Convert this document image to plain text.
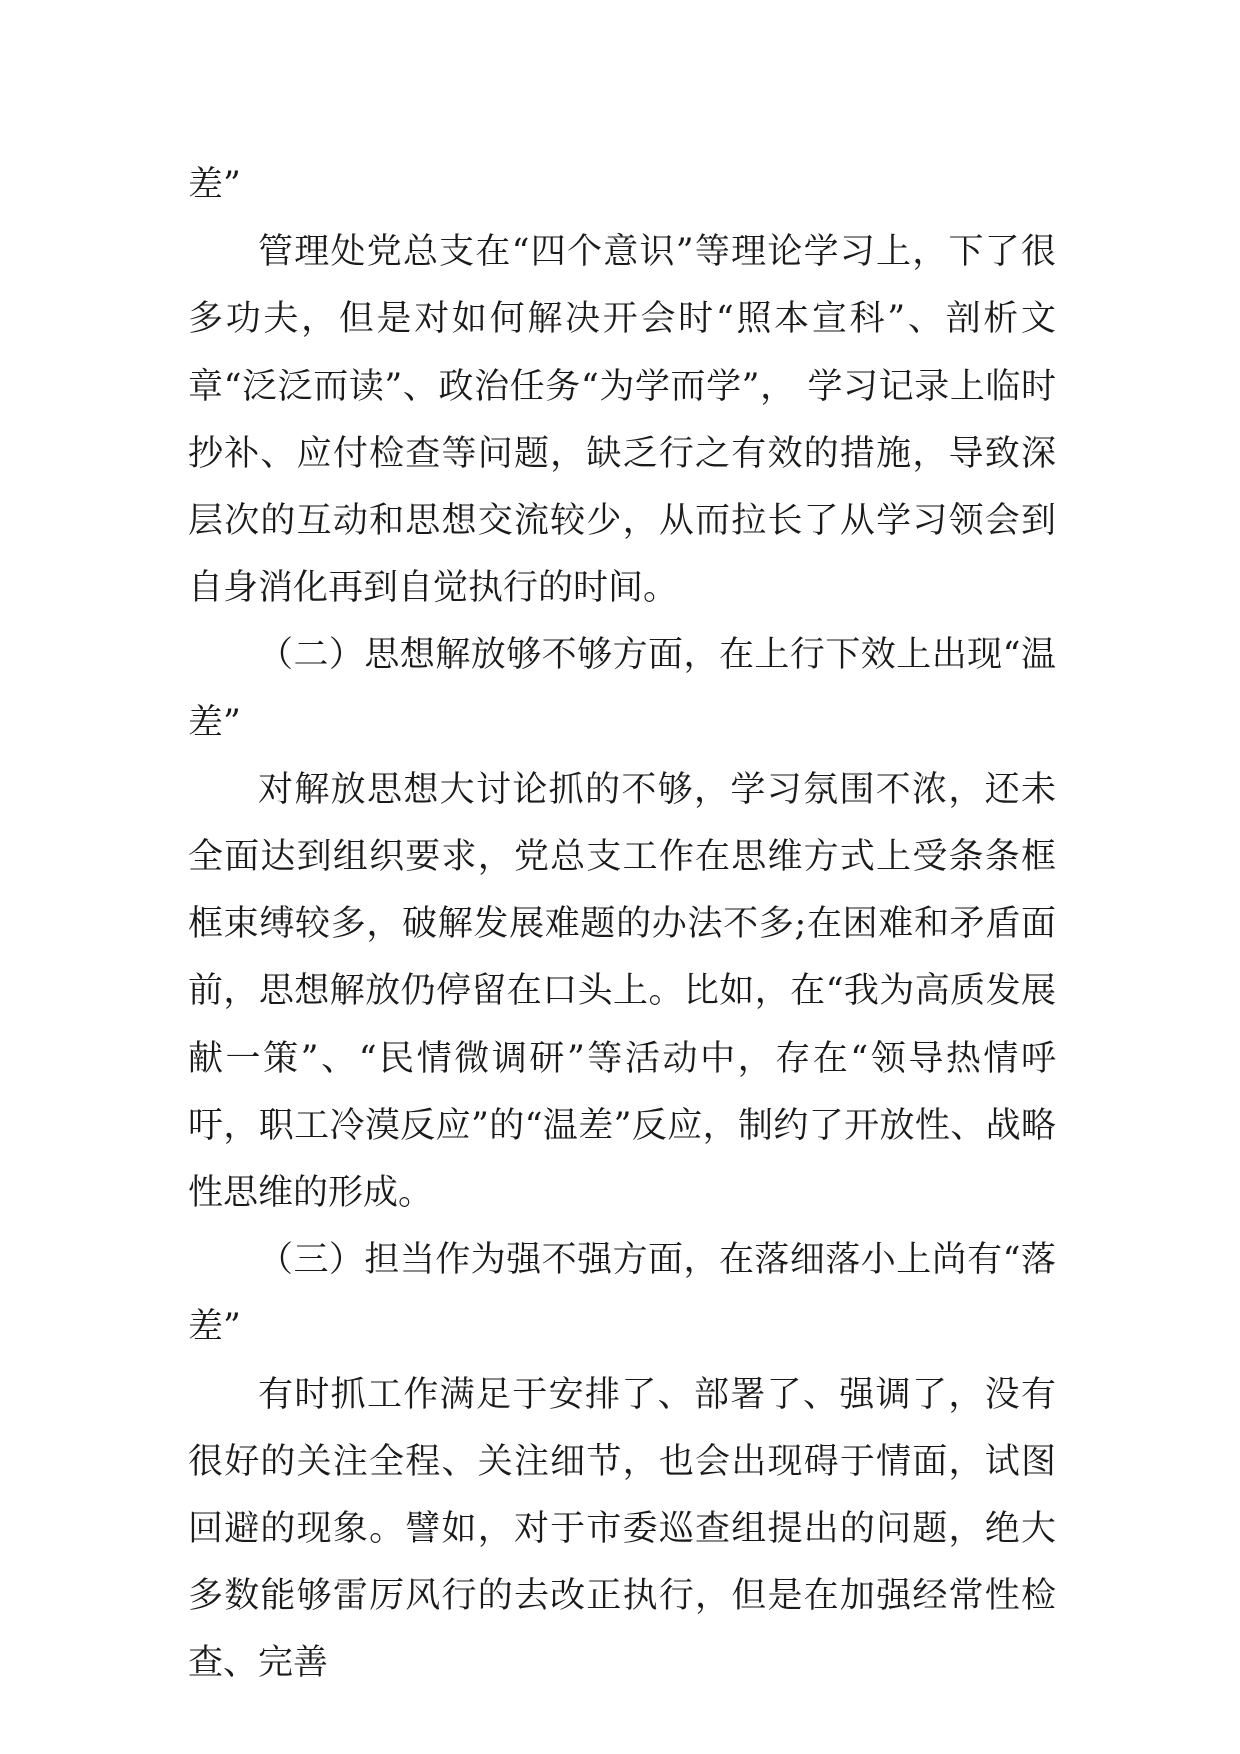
差”

管理处党总支在“四个意识”等理论学习上，下了很多功夫，但是对如何解决开会时“照本宣科”、剖析文章“泛泛而读”、政治任务“为学而学”， 学习记录上临时抄补、应付检查等问题，缺乏行之有效的措施，导致深层次的互动和思想交流较少，从而拉长了从学习领会到自身消化再到自觉执行的时间。

（二）思想解放够不够方面，在上行下效上出现“温差”

对解放思想大讨论抓的不够，学习氛围不浓，还未全面达到组织要求，党总支工作在思维方式上受条条框框束缚较多，破解发展难题的办法不多;在困难和矛盾面前，思想解放仍停留在口头上。比如，在“我为高质发展献一策”、“民情微调研”等活动中，存在“领导热情呼吁，职工冷漠反应”的“温差”反应，制约了开放性、战略性思维的形成。

（三）担当作为强不强方面，在落细落小上尚有“落差”

有时抓工作满足于安排了、部署了、强调了，没有很好的关注全程、关注细节，也会出现碍于情面，试图回避的现象。譬如，对于市委巡查组提出的问题，绝大多数能够雷厉风行的去改正执行，但是在加强经常性检查、完善
